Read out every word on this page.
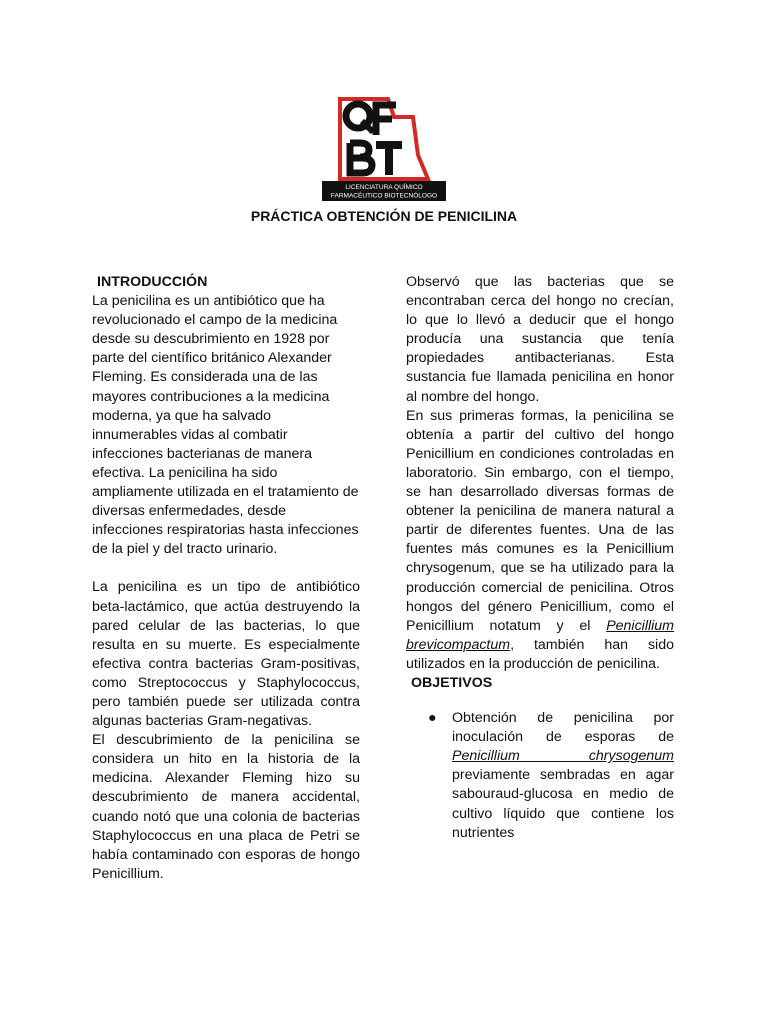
LICENCIATURA QUÍMICO
FARMACÉUTICO BIOTECNÓLOGO
PRÁCTICA OBTENCIÓN DE PENICILINA
INTRODUCCIÓN

La penicilina es un antibiótico que ha revolucionado el campo de la medicina desde su descubrimiento en 1928 por parte del científico británico Alexander Fleming. Es considerada una de las mayores contribuciones a la medicina moderna, ya que ha salvado innumerables vidas al combatir infecciones bacterianas de manera efectiva. La penicilina ha sido ampliamente utilizada en el tratamiento de diversas enfermedades, desde infecciones respiratorias hasta infecciones de la piel y del tracto urinario.

La penicilina es un tipo de antibiótico beta-lactámico, que actúa destruyendo la pared celular de las bacterias, lo que resulta en su muerte. Es especialmente efectiva contra bacterias Gram-positivas, como Streptococcus y Staphylococcus, pero también puede ser utilizada contra algunas bacterias Gram-negativas.

El descubrimiento de la penicilina se considera un hito en la historia de la medicina. Alexander Fleming hizo su descubrimiento de manera accidental, cuando notó que una colonia de bacterias Staphylococcus en una placa de Petri se había contaminado con esporas de hongo Penicillium.

Observó que las bacterias que se encontraban cerca del hongo no crecían, lo que lo llevó a deducir que el hongo producía una sustancia que tenía propiedades antibacterianas. Esta sustancia fue llamada penicilina en honor al nombre del hongo.

En sus primeras formas, la penicilina se obtenía a partir del cultivo del hongo Penicillium en condiciones controladas en laboratorio. Sin embargo, con el tiempo, se han desarrollado diversas formas de obtener la penicilina de manera natural a partir de diferentes fuentes. Una de las fuentes más comunes es la Penicillium chrysogenum, que se ha utilizado para la producción comercial de penicilina. Otros hongos del género Penicillium, como el Penicillium notatum y el Penicillium brevicompactum, también han sido utilizados en la producción de penicilina.

OBJETIVOS
●	Obtención de penicilina por inoculación de esporas de Penicillium chrysogenum previamente sembradas en agar sabouraud-glucosa en medio de cultivo líquido que contiene los nutrientes
